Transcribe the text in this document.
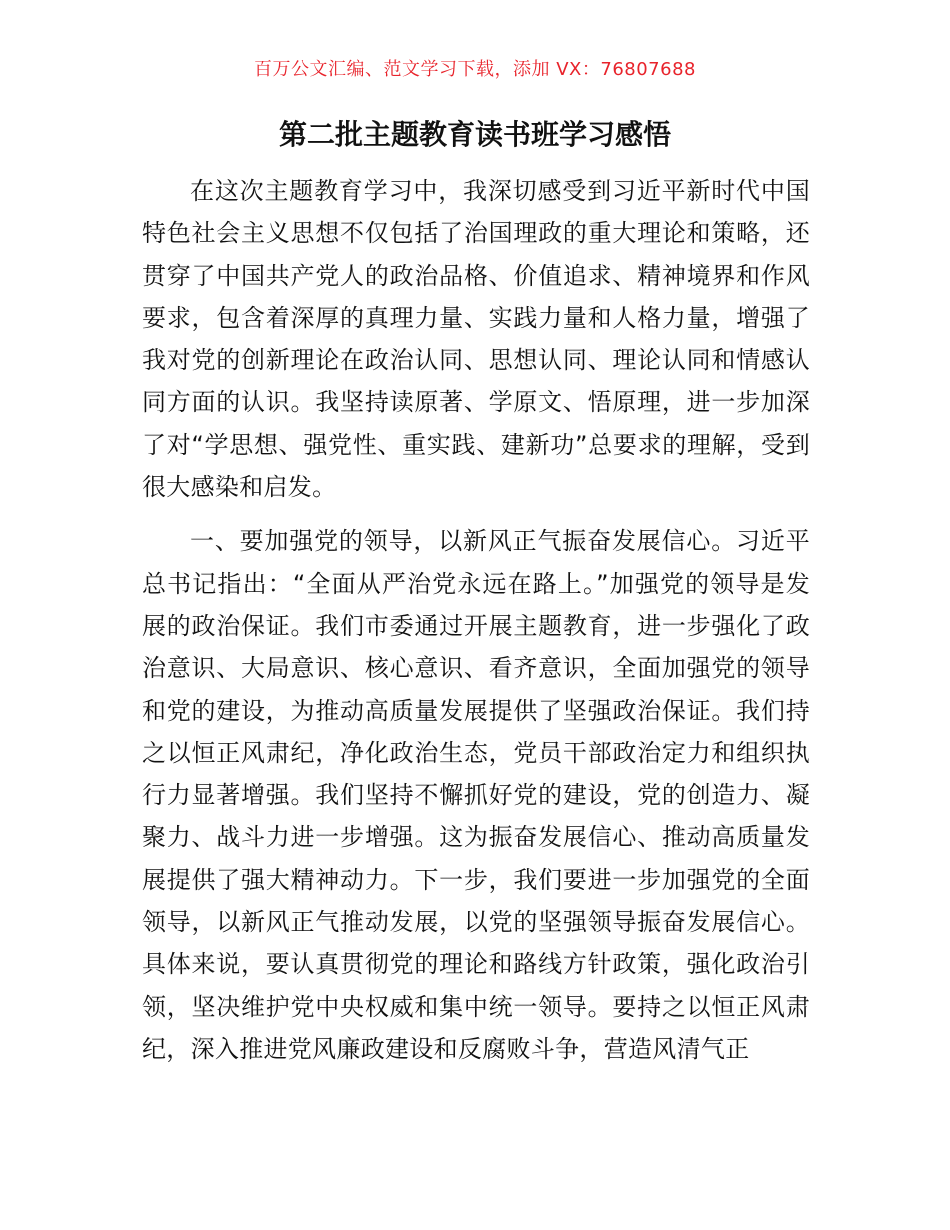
百万公文汇编、范文学习下载，添加 VX：76807688
第二批主题教育读书班学习感悟

在这次主题教育学习中，我深切感受到习近平新时代中国特色社会主义思想不仅包括了治国理政的重大理论和策略，还贯穿了中国共产党人的政治品格、价值追求、精神境界和作风要求，包含着深厚的真理力量、实践力量和人格力量，增强了我对党的创新理论在政治认同、思想认同、理论认同和情感认同方面的认识。我坚持读原著、学原文、悟原理，进一步加深了对“学思想、强党性、重实践、建新功”总要求的理解，受到很大感染和启发。

一、要加强党的领导，以新风正气振奋发展信心。习近平总书记指出：“全面从严治党永远在路上。”加强党的领导是发展的政治保证。我们市委通过开展主题教育，进一步强化了政治意识、大局意识、核心意识、看齐意识，全面加强党的领导和党的建设，为推动高质量发展提供了坚强政治保证。我们持之以恒正风肃纪，净化政治生态，党员干部政治定力和组织执行力显著增强。我们坚持不懈抓好党的建设，党的创造力、凝聚力、战斗力进一步增强。这为振奋发展信心、推动高质量发展提供了强大精神动力。下一步，我们要进一步加强党的全面领导，以新风正气推动发展，以党的坚强领导振奋发展信心。具体来说，要认真贯彻党的理论和路线方针政策，强化政治引领，坚决维护党中央权威和集中统一领导。要持之以恒正风肃纪，深入推进党风廉政建设和反腐败斗争，营造风清气正
